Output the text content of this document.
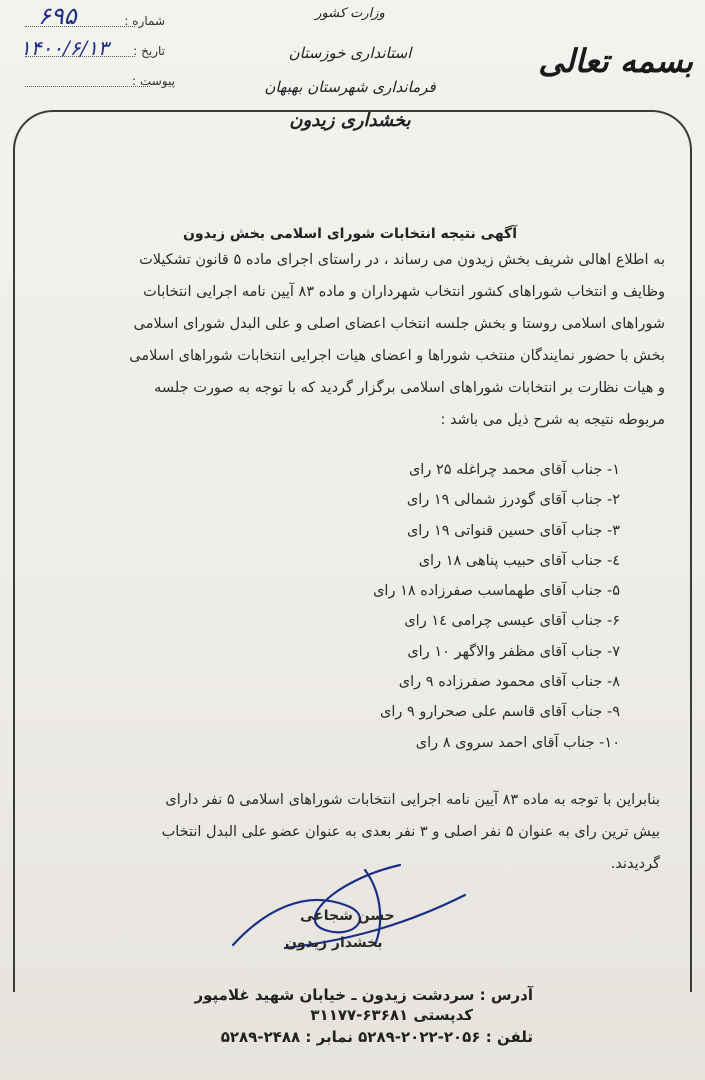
شماره :
۶۹۵
تاریخ :
۱۴۰۰/۶/۱۳
پیوست :
وزارت کشور
استانداری خوزستان
فرمانداری شهرستان بهبهان
بخشداری زیدون
بسمه تعالی
آگهی نتیجه انتخابات شورای اسلامی بخش زیدون
به اطلاع اهالی شریف بخش زیدون می رساند ، در راستای اجرای ماده ۵ قانون تشکیلات
وظایف و انتخاب شوراهای کشور انتخاب شهرداران و ماده ۸۳ آیین نامه اجرایی انتخابات
شوراهای اسلامی روستا و بخش جلسه انتخاب اعضای اصلی و علی البدل شورای اسلامی
بخش با حضور نمایندگان منتخب شوراها و اعضای هیات اجرایی انتخابات شوراهای اسلامی
و هیات نظارت بر انتخابات شوراهای اسلامی برگزار گردید که با توجه به صورت جلسه
مربوطه نتیجه به شرح ذیل می باشد :
۱- جناب آقای محمد چراغله ۲۵ رای
۲- جناب آقای گودرز شمالی ۱۹ رای
۳- جناب آقای حسین قنواتی ۱۹ رای
٤- جناب آقای حبیب پناهی ۱۸ رای
۵- جناب آقای طهماسب صفرزاده ۱۸ رای
۶- جناب آقای عیسی چرامی ۱٤ رای
۷- جناب آقای مظفر والاگهر ۱۰ رای
۸- جناب آقای محمود صفرزاده ۹ رای
۹- جناب آقای قاسم علی صحرارو ۹ رای
۱۰- جناب آقای احمد سروی ۸ رای
بنابراین با توجه به ماده ۸۳ آیین نامه اجرایی انتخابات شوراهای اسلامی ۵ نفر دارای
بیش ترین رای به عنوان ۵ نفر اصلی و ۳ نفر بعدی به عنوان عضو علی البدل انتخاب
گردیدند.
حسن شجاعی
بخشدار زیدون
آدرس : سردشت زیدون ـ خیابان شهید غلامپور
کدپستی ۶۳۶۸۱-۳۱۱۷۷
تلفن : ۲۰۵۶-۲۰۲۲-۵۲۸۹ نمابر : ۲۴۸۸-۵۲۸۹
